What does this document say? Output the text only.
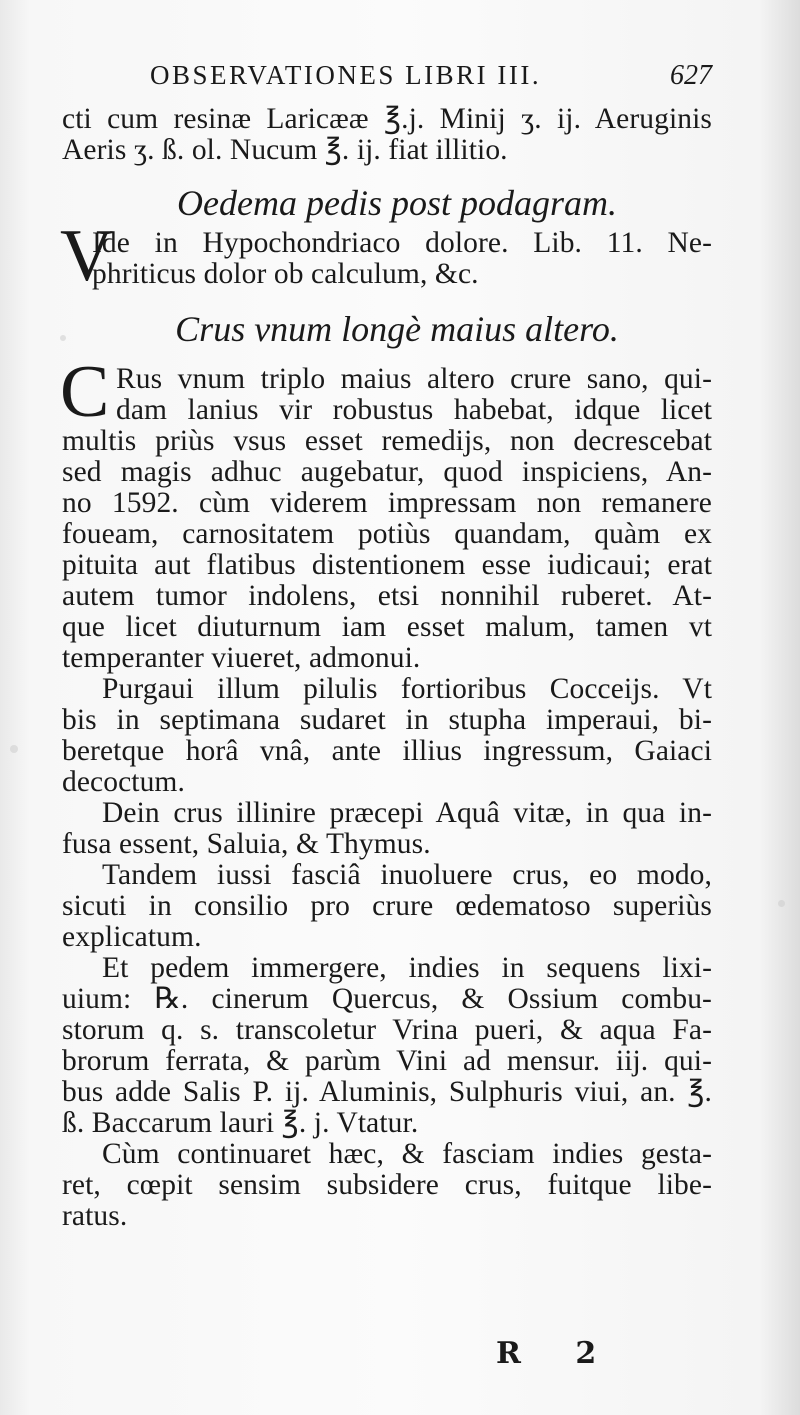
OBSERVATIONES LIBRI III.	627
cti cum resinæ Laricææ ℥.j. Minij ʒ. ij. Aeruginis
Aeris ʒ. ß. ol. Nucum ℥. ij. fiat illitio.
Oedema pedis post podagram.
V
Ide in Hypochondriaco dolore. Lib. 11. Ne-
phriticus dolor ob calculum, &c.
Crus vnum longè maius altero.
C Rus vnum triplo maius altero crure sano, qui-
dam lanius vir robustus habebat, idque licet
multis priùs vsus esset remedijs, non decrescebat
sed magis adhuc augebatur, quod inspiciens, An-
no 1592. cùm viderem impressam non remanere
foueam, carnositatem potiùs quandam, quàm ex
pituita aut flatibus distentionem esse iudicaui; erat
autem tumor indolens, etsi nonnihil ruberet. At-
que licet diuturnum iam esset malum, tamen vt
temperanter viueret, admonui.
Purgaui illum pilulis fortioribus Cocceijs. Vt
bis in septimana sudaret in stupha imperaui, bi-
beretque horâ vnâ, ante illius ingressum, Gaiaci
decoctum.
Dein crus illinire præcepi Aquâ vitæ, in qua in-
fusa essent, Saluia, & Thymus.
Tandem iussi fasciâ inuoluere crus, eo modo,
sicuti in consilio pro crure œdematoso superiùs
explicatum.
Et pedem immergere, indies in sequens lixi-
uium: ℞. cinerum Quercus, & Ossium combu-
storum q. s. transcoletur Vrina pueri, & aqua Fa-
brorum ferrata, & parùm Vini ad mensur. iij. qui-
bus adde Salis P. ij. Aluminis, Sulphuris viui, an. ℥.
ß. Baccarum lauri ℥. j. Vtatur.
Cùm continuaret hæc, & fasciam indies gesta-
ret, cœpit sensim subsidere crus, fuitque libe-
ratus.
R 2
